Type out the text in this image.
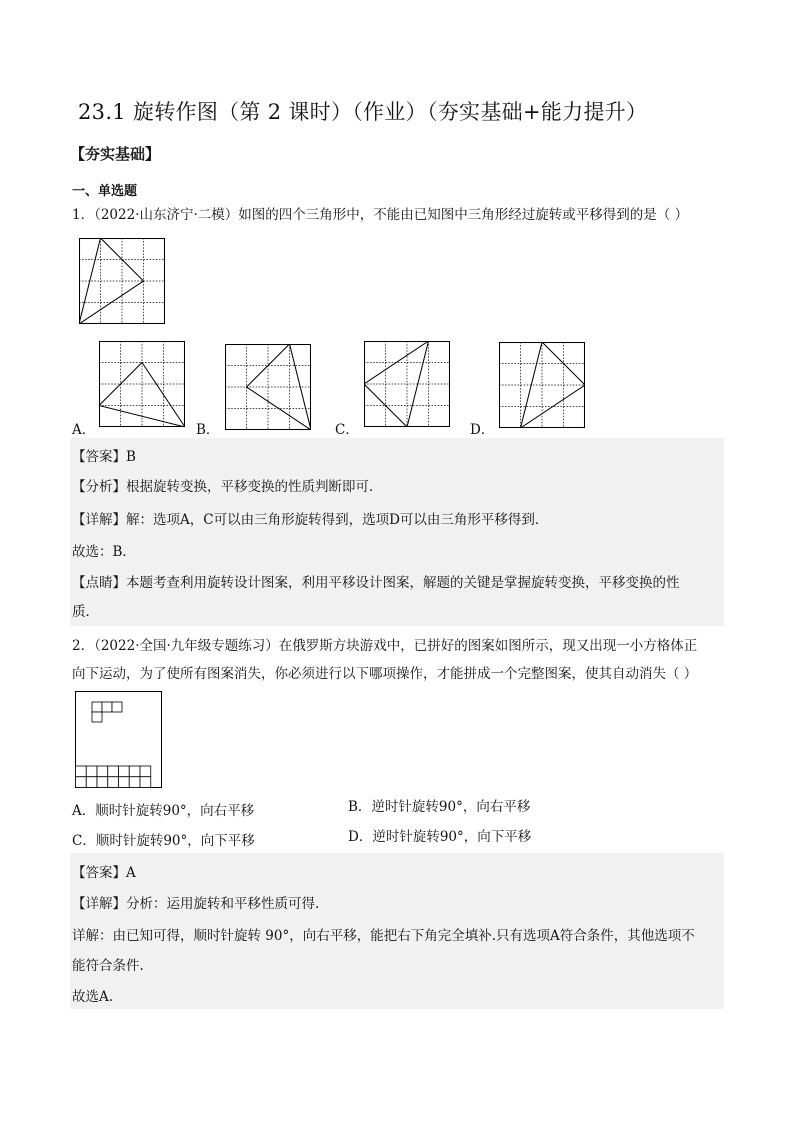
23.1 旋转作图（第 2 课时）（作业）（夯实基础+能力提升）
【夯实基础】
一、单选题
1．（2022·山东济宁·二模）如图的四个三角形中，不能由已知图中三角形经过旋转或平移得到的是（ ）
A．	B．	C．	D．
【答案】B
【分析】根据旋转变换，平移变换的性质判断即可．
【详解】解：选项A，C可以由三角形旋转得到，选项D可以由三角形平移得到．
故选：B．
【点睛】本题考查利用旋转设计图案，利用平移设计图案，解题的关键是掌握旋转变换，平移变换的性
质．
2．（2022·全国·九年级专题练习）在俄罗斯方块游戏中，已拼好的图案如图所示，现又出现一小方格体正
向下运动，为了使所有图案消失，你必须进行以下哪项操作，才能拼成一个完整图案，使其自动消失（ ）
A．顺时针旋转90°，向右平移	B．逆时针旋转90°，向右平移
C．顺时针旋转90°，向下平移	D．逆时针旋转90°，向下平移
【答案】A
【详解】分析：运用旋转和平移性质可得.
详解：由已知可得，顺时针旋转 90°，向右平移，能把右下角完全填补.只有选项A符合条件，其他选项不
能符合条件.
故选A.
